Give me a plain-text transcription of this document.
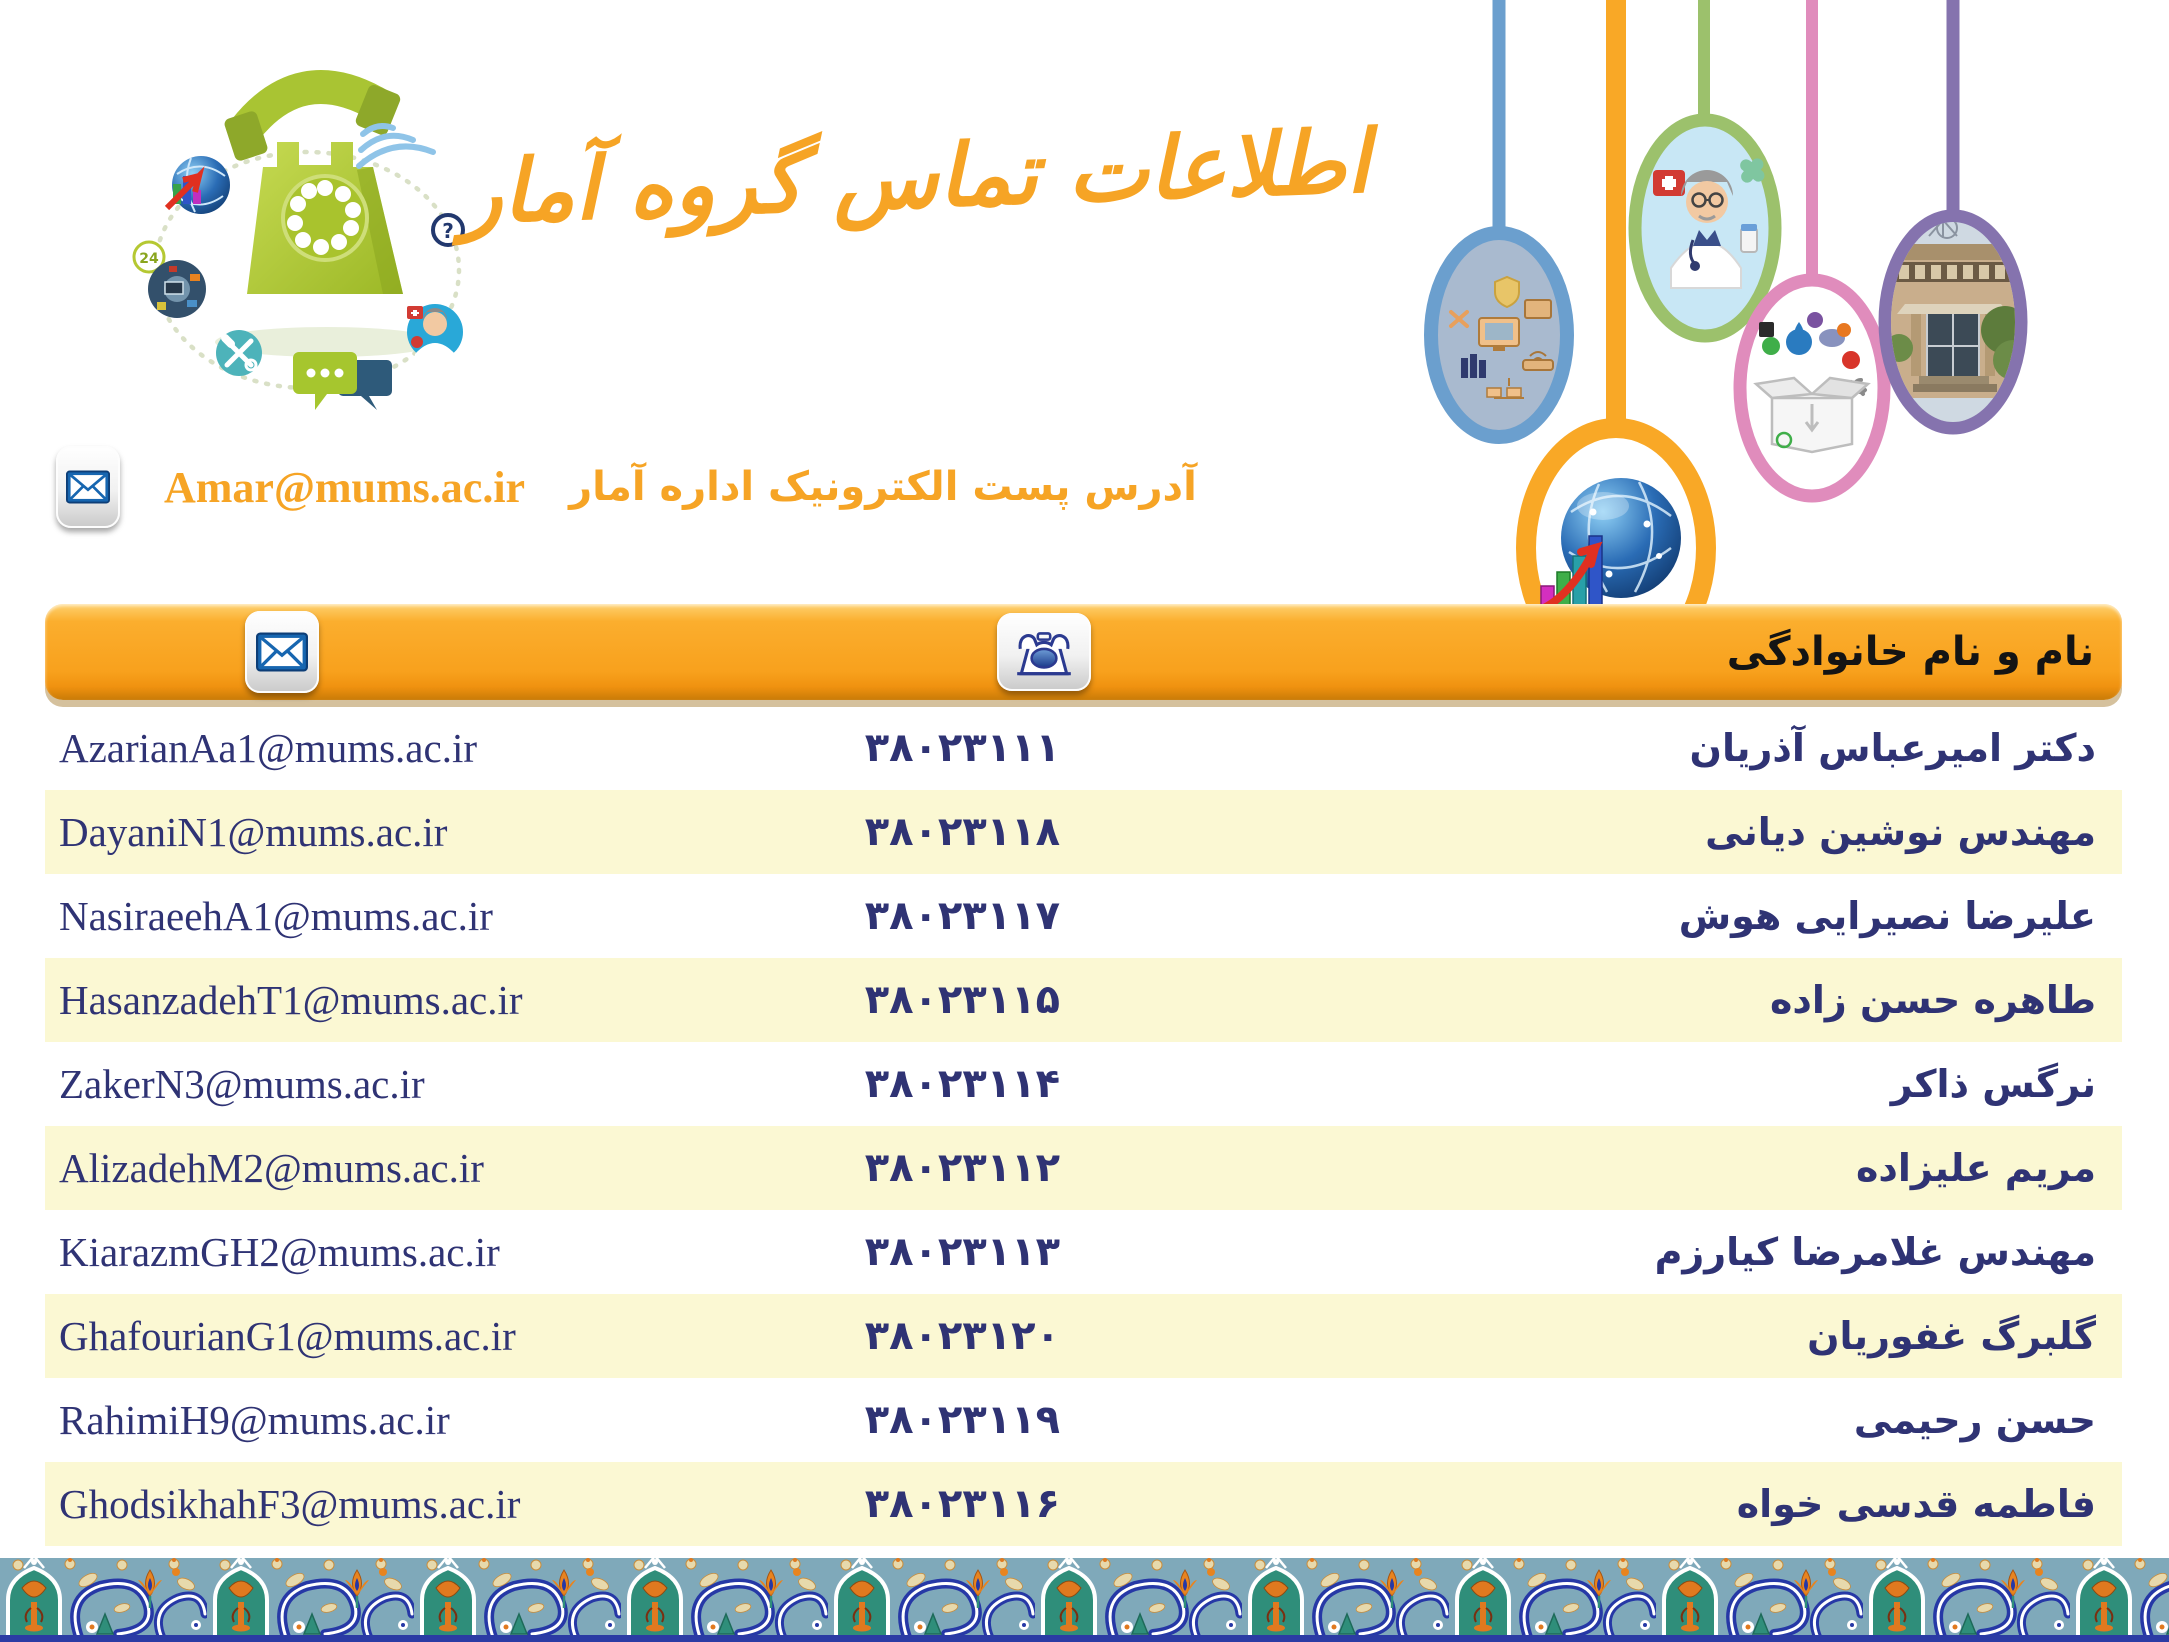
24
? اطلاعات تماس گروه آمار
Amar@mums.ac.ir آدرس پست الکترونیک اداره آمار
نام و نام خانوادگی
AzarianAa1@mums.ac.ir	۳۸۰۲۳۱۱۱	دکتر امیرعباس آذریان
DayaniN1@mums.ac.ir	۳۸۰۲۳۱۱۸	مهندس نوشین دیانی
NasiraeehA1@mums.ac.ir	۳۸۰۲۳۱۱۷	علیرضا نصیرایی هوش
HasanzadehT1@mums.ac.ir	۳۸۰۲۳۱۱۵	طاهره حسن زاده
ZakerN3@mums.ac.ir	۳۸۰۲۳۱۱۴	نرگس ذاکر
AlizadehM2@mums.ac.ir	۳۸۰۲۳۱۱۲	مریم علیزاده
KiarazmGH2@mums.ac.ir	۳۸۰۲۳۱۱۳	مهندس غلامرضا کیارزم
GhafourianG1@mums.ac.ir	۳۸۰۲۳۱۲۰	گلبرگ غفوریان
RahimiH9@mums.ac.ir	۳۸۰۲۳۱۱۹	حسن رحیمی
GhodsikhahF3@mums.ac.ir	۳۸۰۲۳۱۱۶	فاطمه قدسی خواه
